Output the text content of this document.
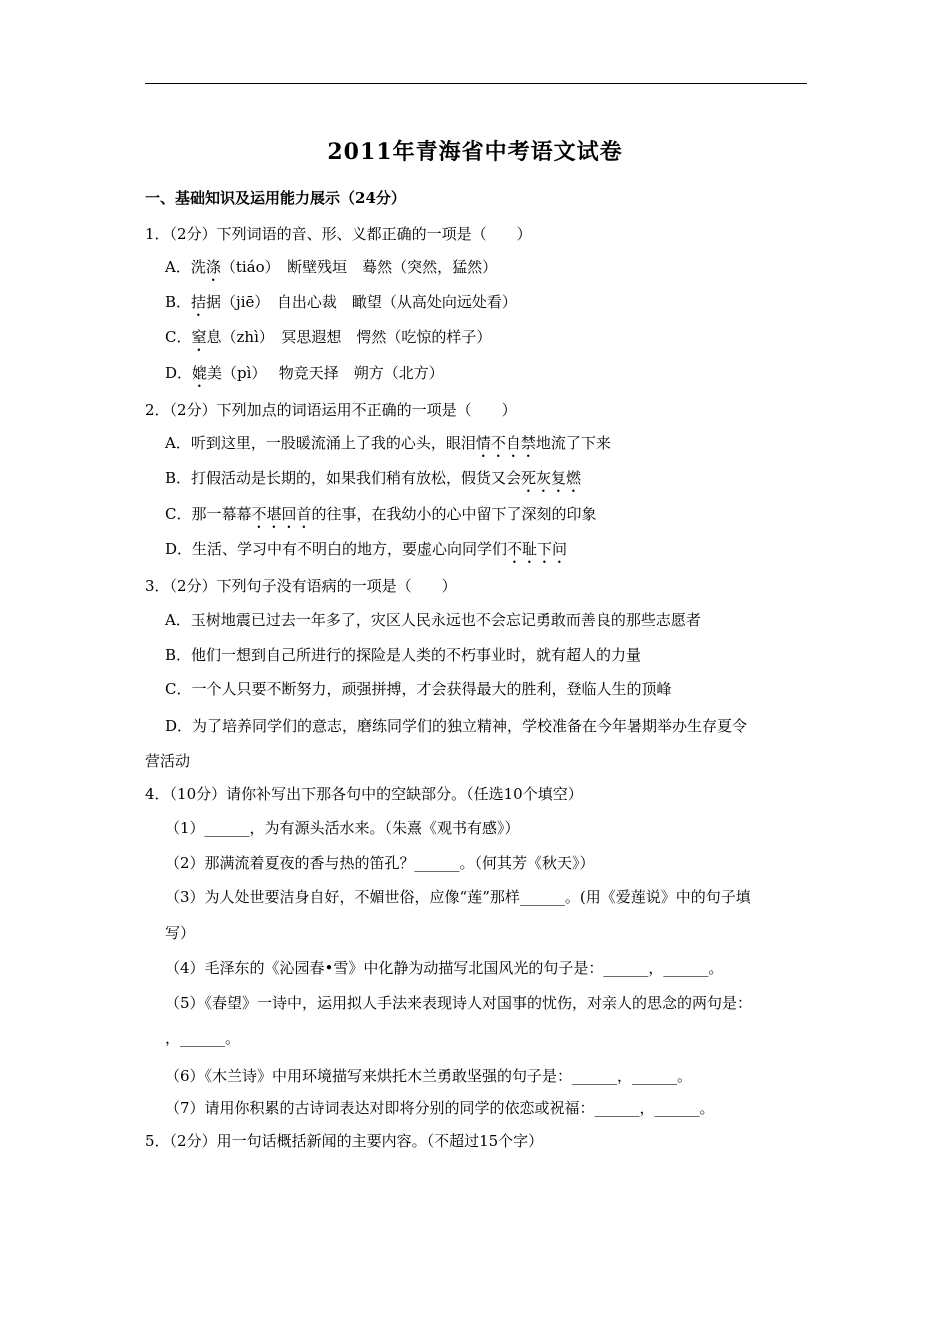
2011年青海省中考语文试卷
一、基础知识及运用能力展示（24分）
1．（2分）下列词语的音、形、义都正确的一项是（　　）
A．洗涤（tiáo）　断壁残垣　蓦然（突然，猛然）
B．拮据（jiē）　自出心裁　瞰望（从高处向远处看）
C．窒息（zhì）　冥思遐想　愕然（吃惊的样子）
D．媲美（pì）　 物竞天择　朔方（北方）
2．（2分）下列加点的词语运用不正确的一项是（　　）
A．听到这里，一股暖流涌上了我的心头，眼泪情不自禁地流了下来
B．打假活动是长期的，如果我们稍有放松，假货又会死灰复燃
C．那一幕幕不堪回首的往事，在我幼小的心中留下了深刻的印象
D．生活、学习中有不明白的地方，要虚心向同学们不耻下问
3．（2分）下列句子没有语病的一项是（　　）
A．玉树地震已过去一年多了，灾区人民永远也不会忘记勇敢而善良的那些志愿者
B．他们一想到自己所进行的探险是人类的不朽事业时，就有超人的力量
C．一个人只要不断努力，顽强拼搏，才会获得最大的胜利，登临人生的顶峰
D．为了培养同学们的意志，磨练同学们的独立精神，学校准备在今年暑期举办生存夏令
营活动
4．（10分）请你补写出下那各句中的空缺部分。（任选10个填空）
（1）______，为有源头活水来。（朱熹《观书有感》）
（2）那满流着夏夜的香与热的笛孔？______。（何其芳《秋天》）
（3）为人处世要洁身自好，不媚世俗，应像“莲”那样______。(用《爱莲说》中的句子填
写）
（4）毛泽东的《沁园春•雪》中化静为动描写北国风光的句子是：______，______。
（5）《春望》一诗中，运用拟人手法来表现诗人对国事的忧伤，对亲人的思念的两句是：
，______。
（6）《木兰诗》中用环境描写来烘托木兰勇敢坚强的句子是：______，______。
（7）请用你积累的古诗词表达对即将分别的同学的依恋或祝福：______，______。
5．（2分）用一句话概括新闻的主要内容。（不超过15个字）
